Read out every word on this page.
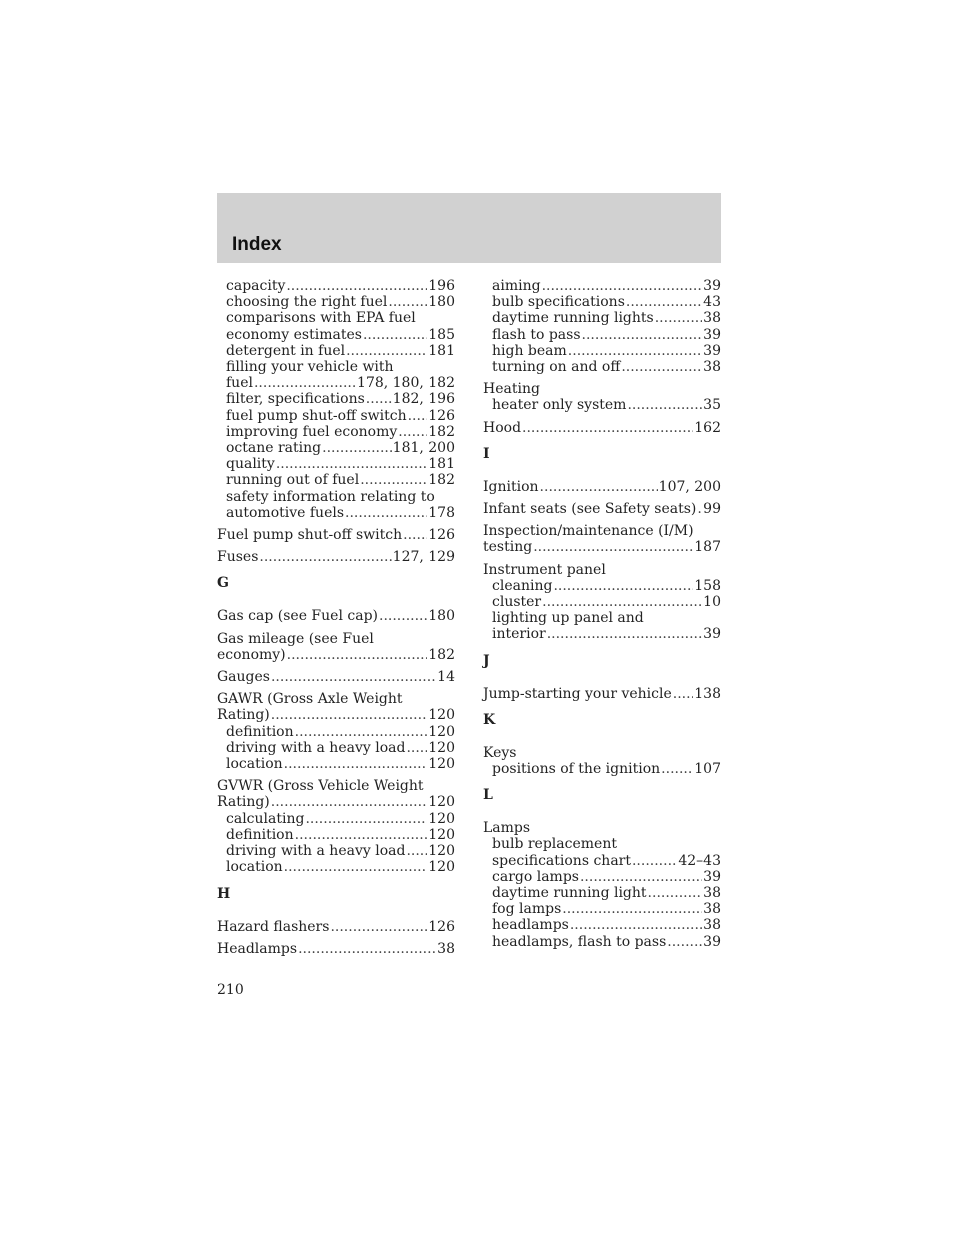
Index
capacity .....	196
choosing the right fuel .....	180
comparisons with EPA fuel
economy estimates .....	185
detergent in fuel .....	181
filling your vehicle with
fuel .....	178, 180, 182
filter, specifications ..... 182, 196
fuel pump shut-off switch ..... 126
improving fuel economy ..... 182
octane rating .....	181, 200
quality .....	181
running out of fuel .....	182
safety information relating to
automotive fuels .....	178
Fuel pump shut-off switch ..... 126
Fuses .....	127, 129
G
Gas cap (see Fuel cap) .....	180
Gas mileage (see Fuel
economy) .....	182
Gauges .....	14
GAWR (Gross Axle Weight
Rating) .....	120
definition .....	120
driving with a heavy load ..... 120
location .....	120
GVWR (Gross Vehicle Weight
Rating) .....	120
calculating .....	120
definition .....	120
driving with a heavy load ..... 120
location .....	120
H
Hazard flashers .....	126
Headlamps .....	38
aiming .....	39
bulb specifications .....	43
daytime running lights .....	38
flash to pass .....	39
high beam .....	39
turning on and off .....	38
Heating
heater only system .....	35
Hood .....	162
I
Ignition .....	107, 200
Infant seats (see Safety seats) ..... 99
Inspection/maintenance (I/M)
testing .....	187
Instrument panel
cleaning .....	158
cluster .....	10
lighting up panel and
interior .....	39
J
Jump-starting your vehicle ..... 138
K
Keys
positions of the ignition ..... 107
L
Lamps
bulb replacement
specifications chart .....	42–43
cargo lamps .....	39
daytime running light .....	38
fog lamps .....	38
headlamps .....	38
headlamps, flash to pass .....	39
210
